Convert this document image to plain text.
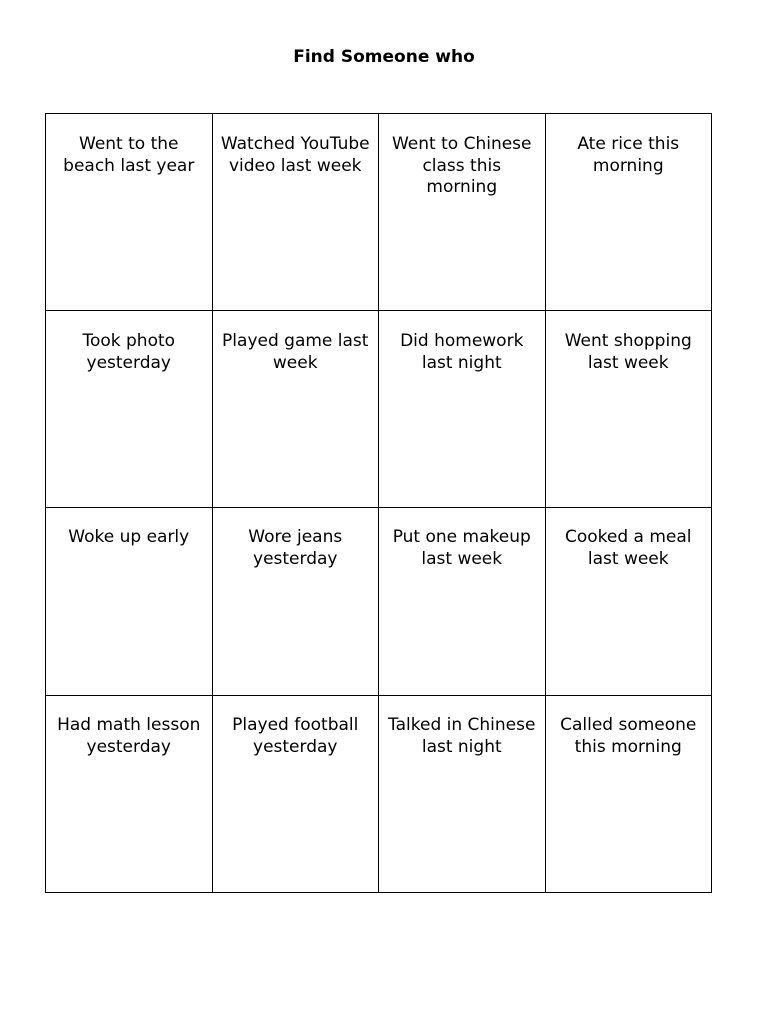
Find Someone who
Went to the beach last year	Watched YouTube video last week	Went to Chinese class this morning	Ate rice this morning
Took photo yesterday	Played game last week	Did homework last night	Went shopping last week
Woke up early	Wore jeans yesterday	Put one makeup last week	Cooked a meal last week
Had math lesson yesterday	Played football yesterday	Talked in Chinese last night	Called someone this morning
